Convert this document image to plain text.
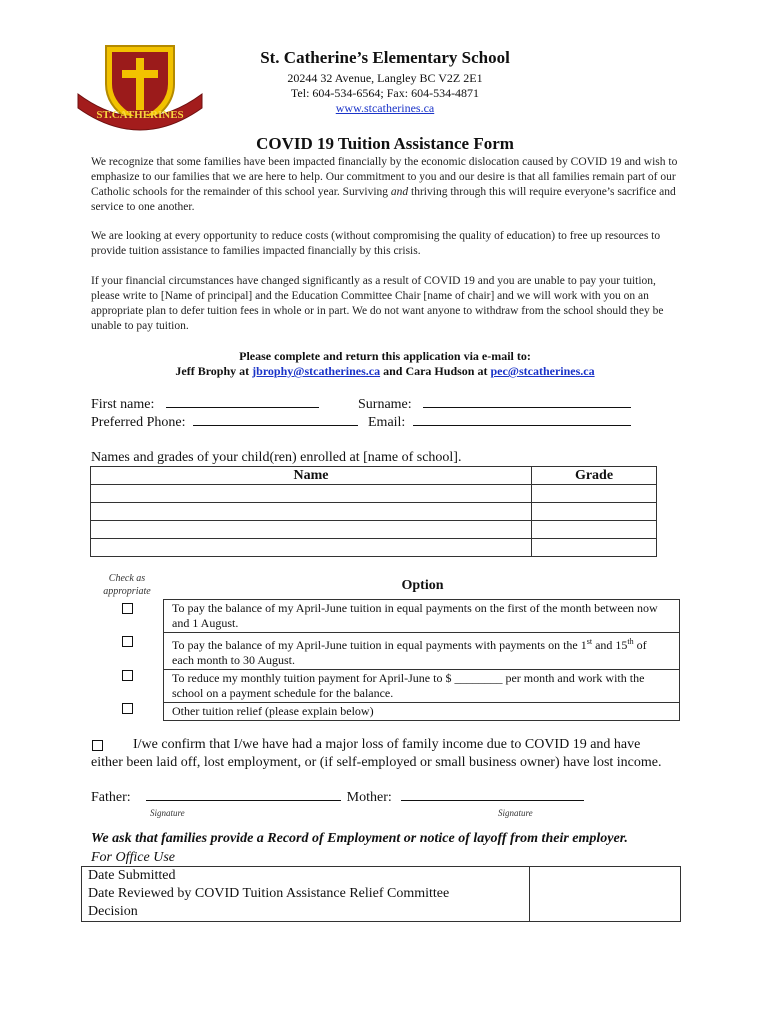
ST.CATHERINES
St. Catherine’s Elementary School
20244 32 Avenue, Langley BC V2Z 2E1
Tel: 604-534-6564; Fax: 604-534-4871
www.stcatherines.ca
COVID 19 Tuition Assistance Form
We recognize that some families have been impacted financially by the economic dislocation caused by COVID 19 and wish to emphasize to our families that we are here to help. Our commitment to you and our desire is that all families remain part of our Catholic schools for the remainder of this school year. Surviving and thriving through this will require everyone’s sacrifice and service to one another.
We are looking at every opportunity to reduce costs (without compromising the quality of education) to free up resources to provide tuition assistance to families impacted financially by this crisis.
If your financial circumstances have changed significantly as a result of COVID 19 and you are unable to pay your tuition, please write to [Name of principal] and the Education Committee Chair [name of chair] and we will work with you on an appropriate plan to defer tuition fees in whole or in part. We do not want anyone to withdraw from the school should they be unable to pay tuition.
Please complete and return this application via e-mail to:
Jeff Brophy at jbrophy@stcatherines.ca and Cara Hudson at pec@stcatherines.ca
First name:	Surname:
Preferred Phone:	Email:
Names and grades of your child(ren) enrolled at [name of school].
Name	Grade

Check as appropriate	Option
To pay the balance of my April-June tuition in equal payments on the first of the month between now and 1 August.
To pay the balance of my April-June tuition in equal payments with payments on the 1st and 15th of each month to 30 August.
To reduce my monthly tuition payment for April-June to $ ________ per month and work with the school on a payment schedule for the balance.
Other tuition relief (please explain below)
I/we confirm that I/we have had a major loss of family income due to COVID 19 and have either been laid off, lost employment, or (if self-employed or small business owner) have lost income.
Father:	Mother:
Signature	Signature
We ask that families provide a Record of Employment or notice of layoff from their employer.
For Office Use
Date Submitted
Date Reviewed by COVID Tuition Assistance Relief Committee
Decision
